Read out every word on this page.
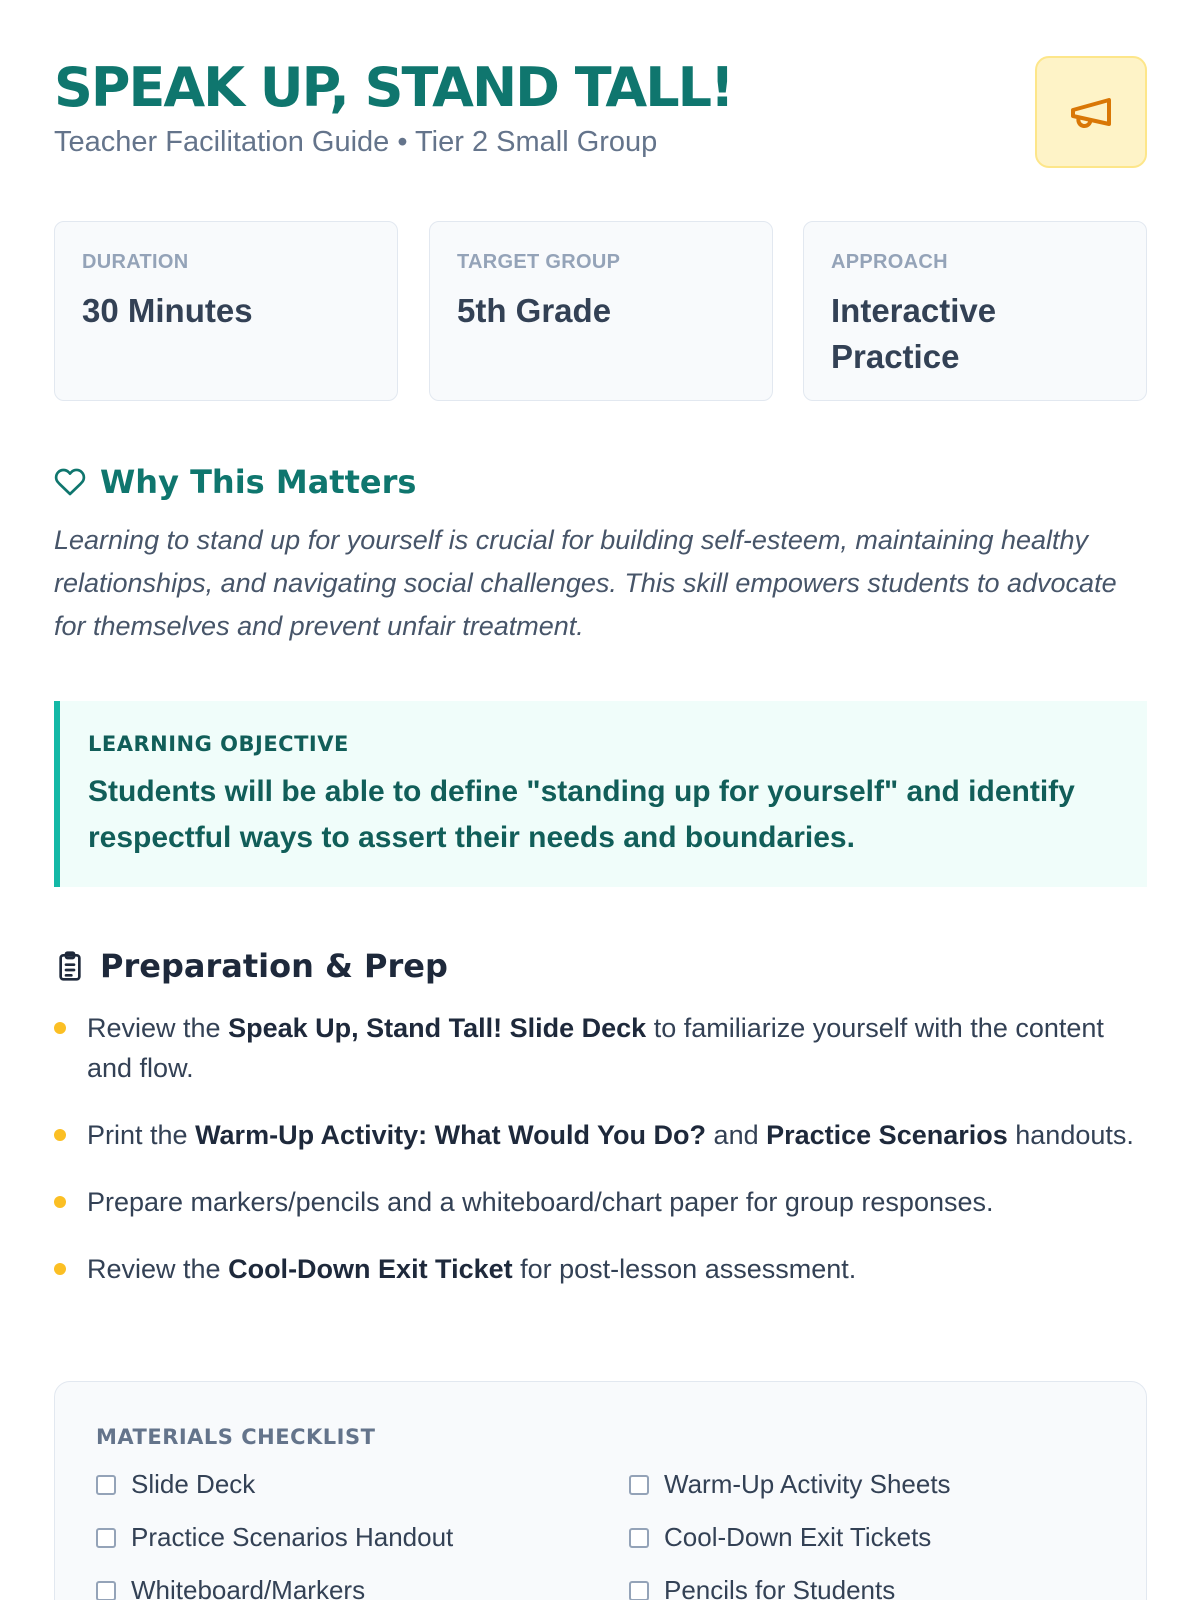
SPEAK UP, STAND TALL!
Teacher Facilitation Guide • Tier 2 Small Group
DURATION
30 Minutes
TARGET GROUP
5th Grade
APPROACH
Interactive Practice
Why This Matters

Learning to stand up for yourself is crucial for building self-esteem, maintaining healthy relationships, and navigating social challenges. This skill empowers students to advocate for themselves and prevent unfair treatment.

LEARNING OBJECTIVE
Students will be able to define "standing up for yourself" and identify respectful ways to assert their needs and boundaries.
Preparation & Prep
Review the Speak Up, Stand Tall! Slide Deck to familiarize yourself with the content and flow.
Print the Warm-Up Activity: What Would You Do? and Practice Scenarios handouts.
Prepare markers/pencils and a whiteboard/chart paper for group responses.
Review the Cool-Down Exit Ticket for post-lesson assessment.
MATERIALS CHECKLIST
Slide Deck	Warm-Up Activity Sheets
Practice Scenarios Handout	Cool-Down Exit Tickets
Whiteboard/Markers	Pencils for Students
